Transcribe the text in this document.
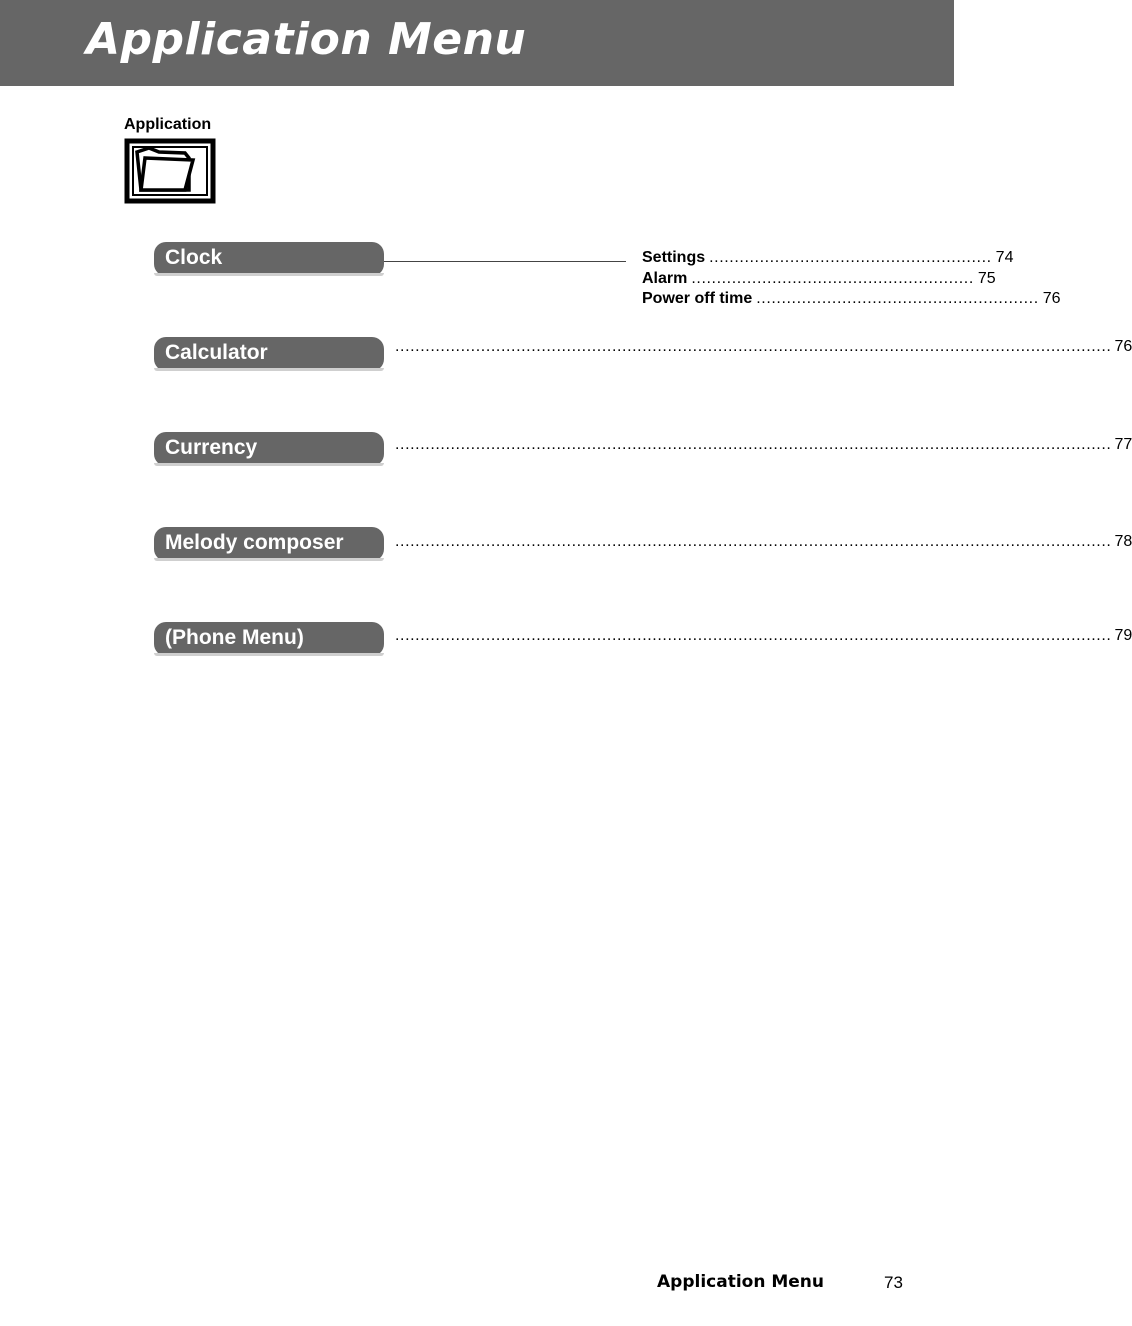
Application Menu
Application
Clock	Settings ........................................................ 74
Alarm ........................................................ 75
Power off time ........................................................ 76
Calculator	.............................................................................................................................................. 76
Currency	.............................................................................................................................................. 77
Melody composer	.............................................................................................................................................. 78
(Phone Menu)	.............................................................................................................................................. 79
Application Menu	73
